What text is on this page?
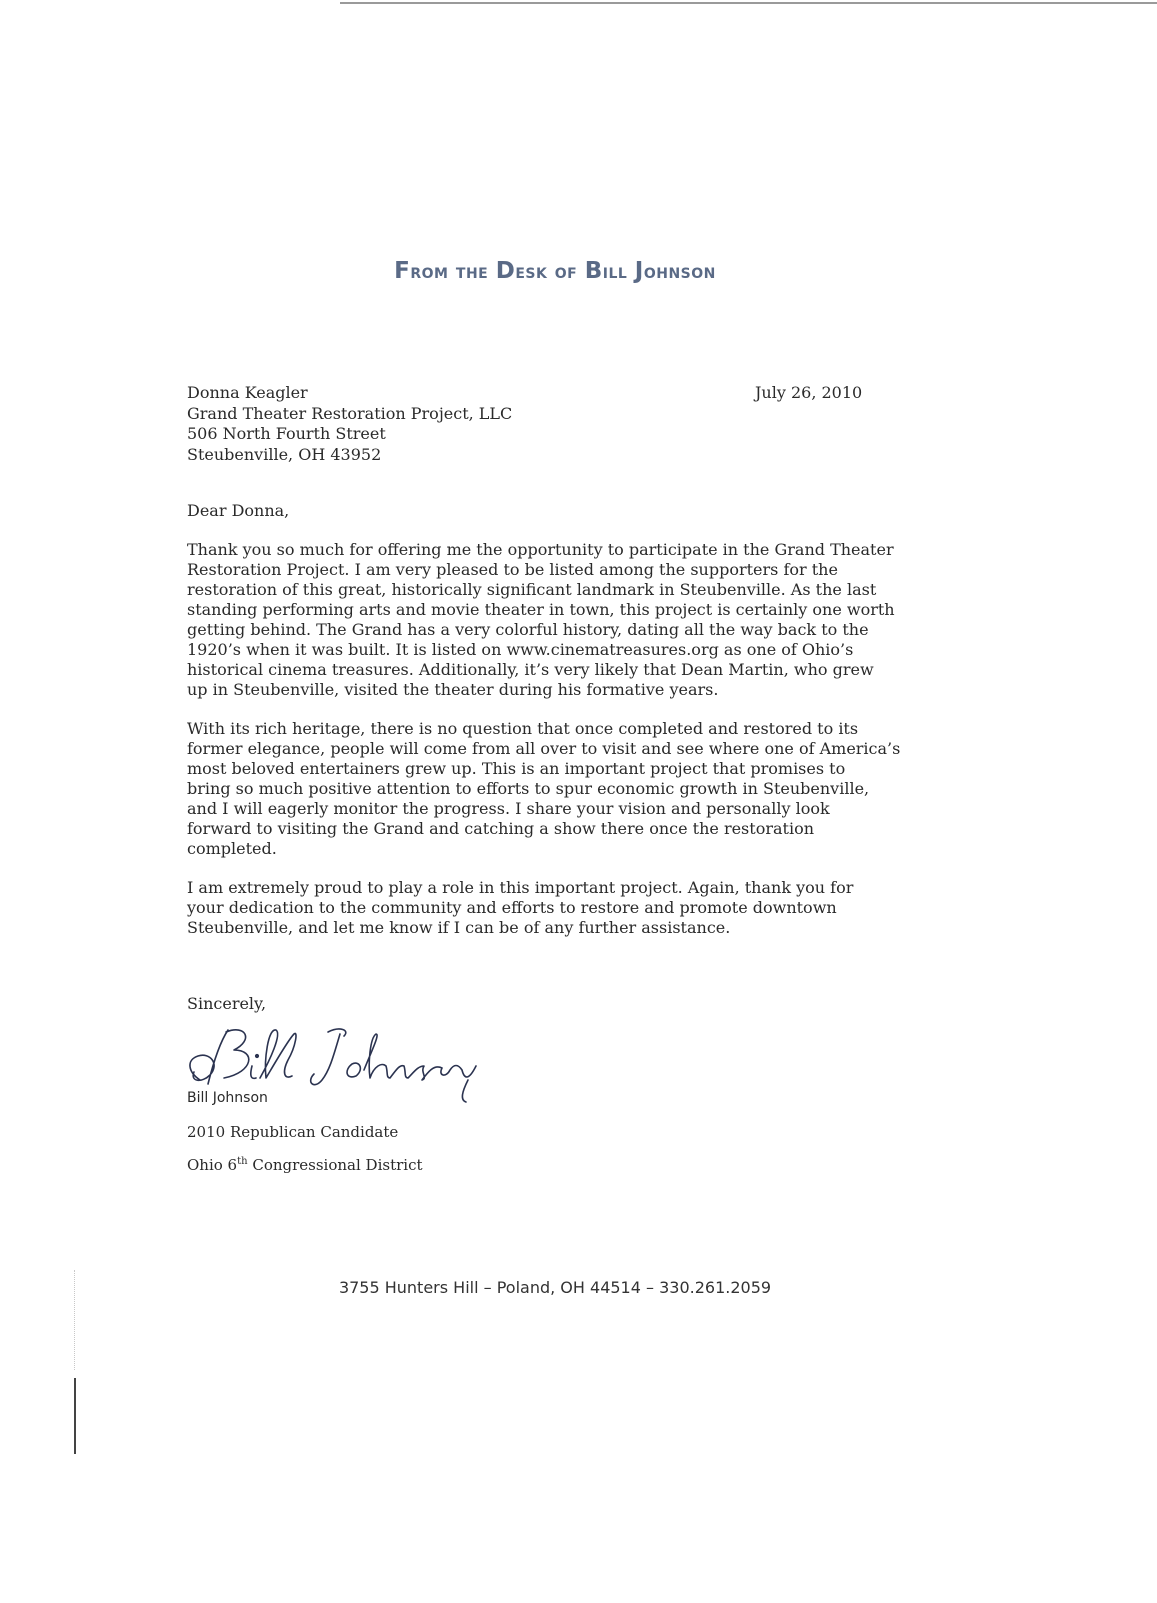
From the Desk of Bill Johnson
Donna Keagler
Grand Theater Restoration Project, LLC
506 North Fourth Street
Steubenville, OH 43952
July 26, 2010
Dear Donna,
Thank you so much for offering me the opportunity to participate in the Grand Theater
Restoration Project. I am very pleased to be listed among the supporters for the
restoration of this great, historically significant landmark in Steubenville. As the last
standing performing arts and movie theater in town, this project is certainly one worth
getting behind. The Grand has a very colorful history, dating all the way back to the
1920’s when it was built. It is listed on www.cinematreasures.org as one of Ohio’s
historical cinema treasures. Additionally, it’s very likely that Dean Martin, who grew
up in Steubenville, visited the theater during his formative years.
With its rich heritage, there is no question that once completed and restored to its
former elegance, people will come from all over to visit and see where one of America’s
most beloved entertainers grew up. This is an important project that promises to
bring so much positive attention to efforts to spur economic growth in Steubenville,
and I will eagerly monitor the progress. I share your vision and personally look
forward to visiting the Grand and catching a show there once the restoration
completed.
I am extremely proud to play a role in this important project. Again, thank you for
your dedication to the community and efforts to restore and promote downtown
Steubenville, and let me know if I can be of any further assistance.
Sincerely,
Bill Johnson
2010 Republican Candidate
Ohio 6th Congressional District
3755 Hunters Hill – Poland, OH 44514 – 330.261.2059
